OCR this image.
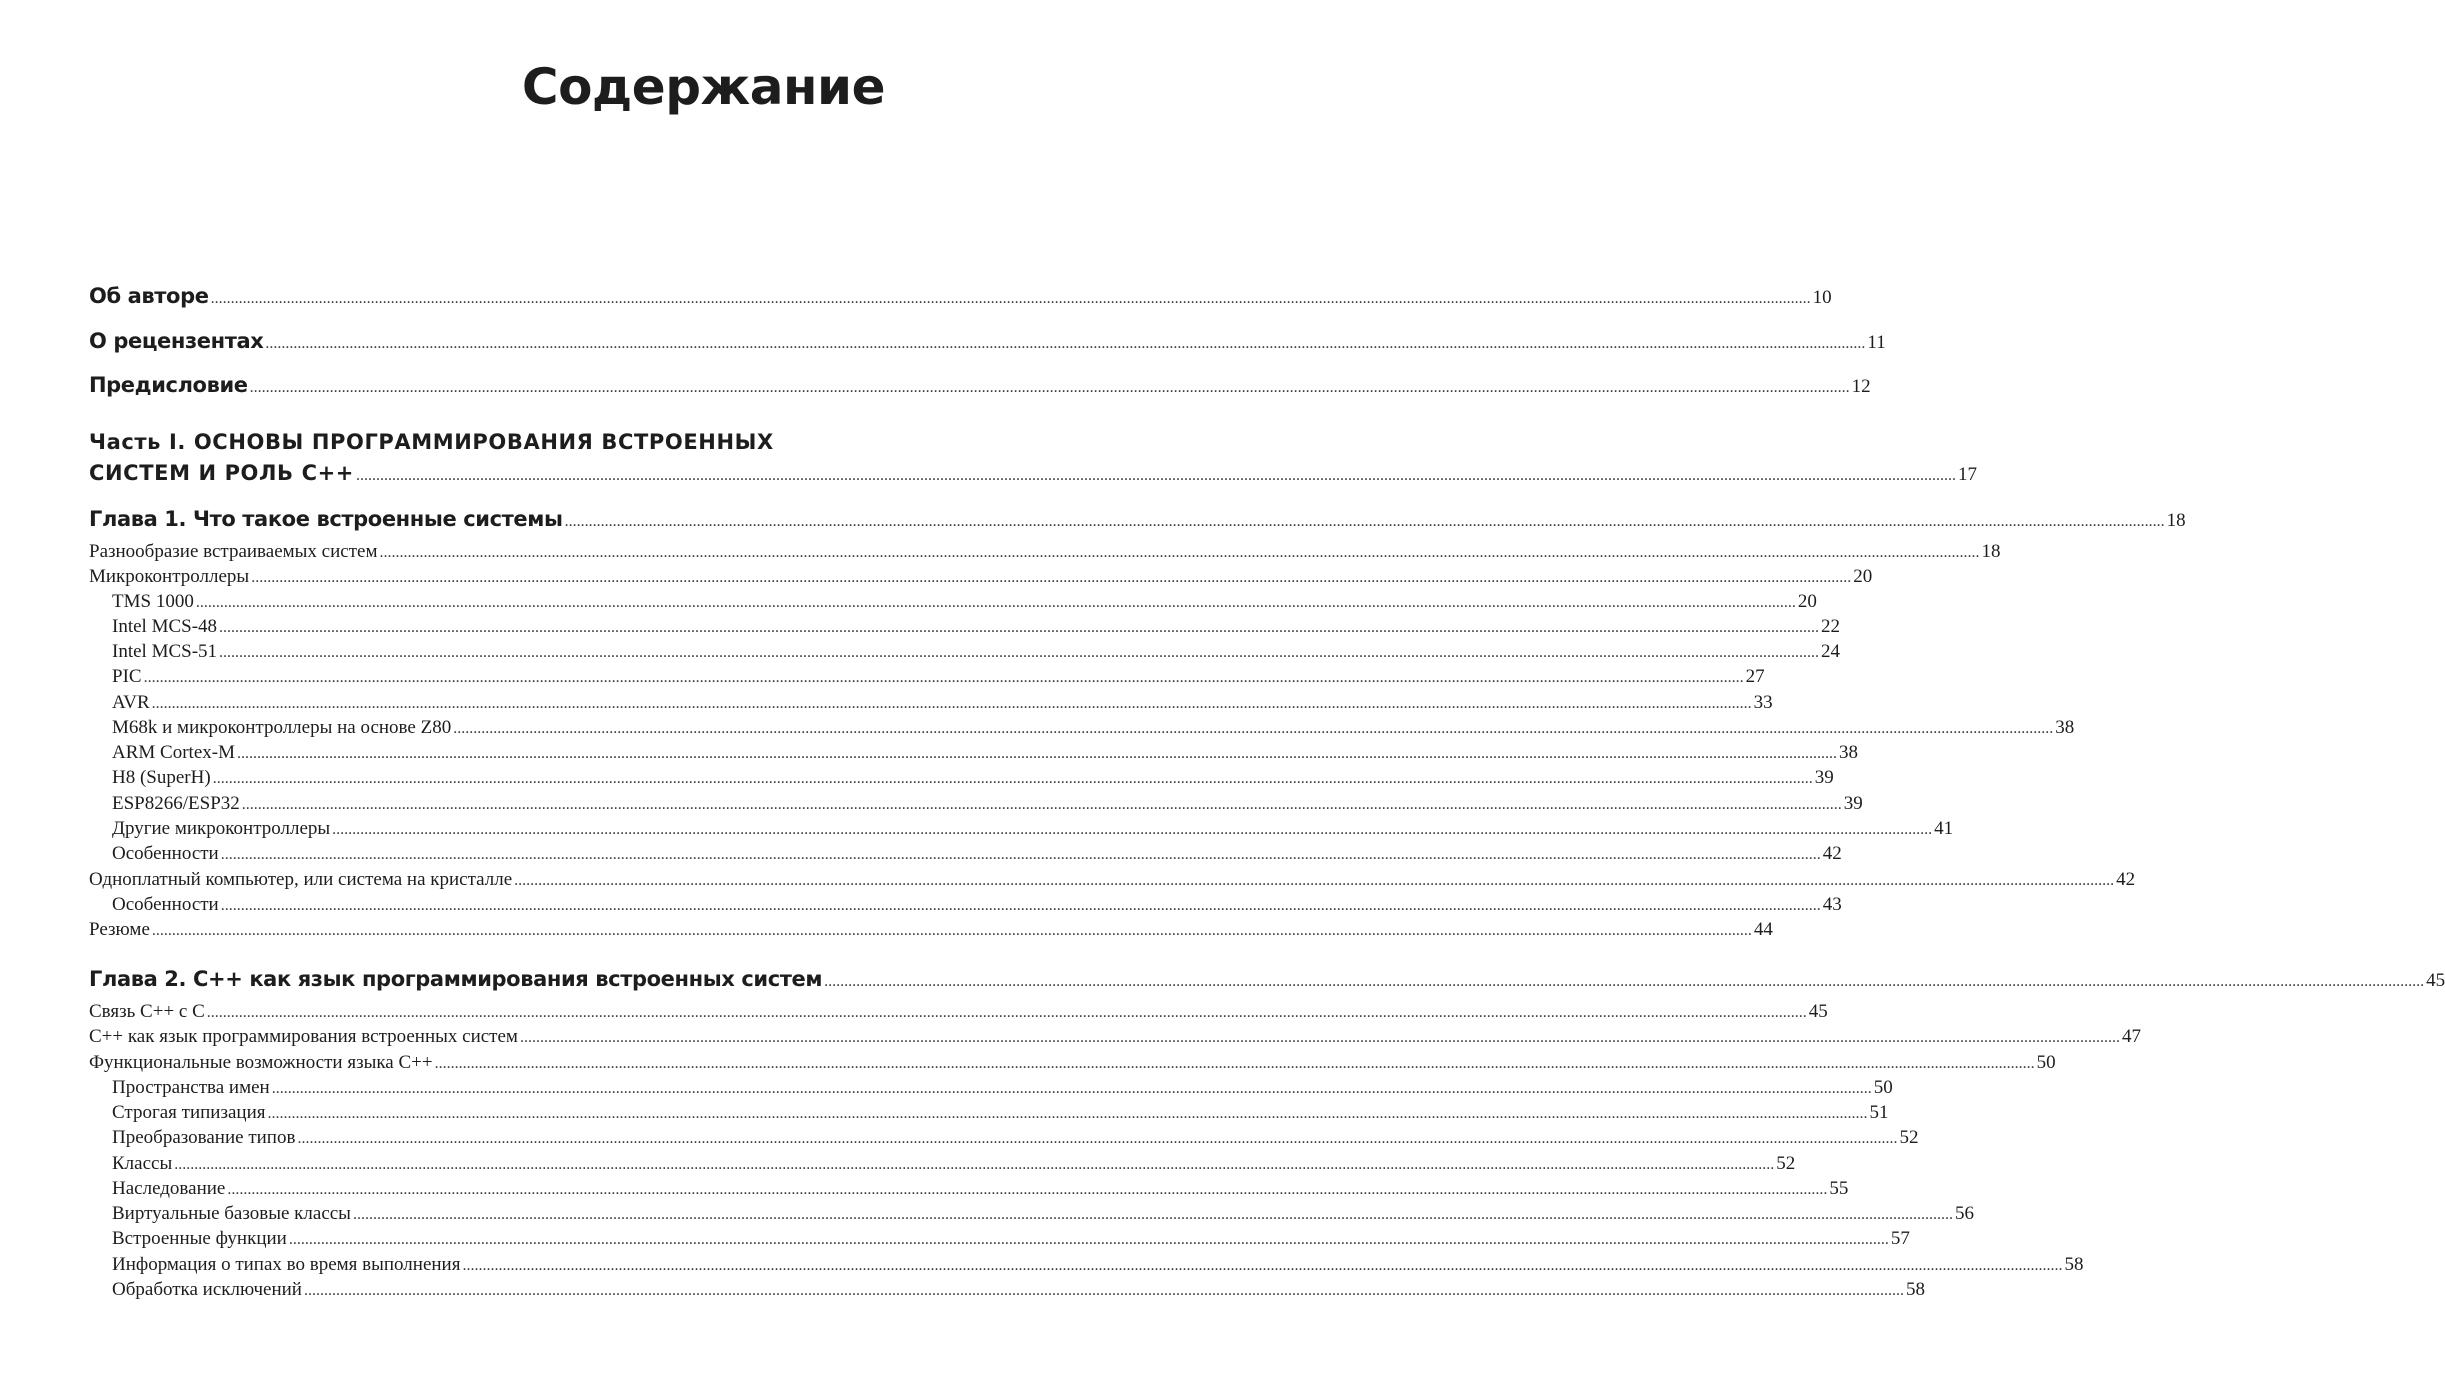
Содержание
Об авторе ................................................................................................................................................................................................................................................................................................................................................................................................................ 10
О рецензентах ................................................................................................................................................................................................................................................................................................................................................................................................................ 11
Предисловие ................................................................................................................................................................................................................................................................................................................................................................................................................ 12
Часть I. ОСНОВЫ ПРОГРАММИРОВАНИЯ ВСТРОЕННЫХ
СИСТЕМ И РОЛЬ C++ ................................................................................................................................................................................................................................................................................................................................................................................................................ 17
Глава 1. Что такое встроенные системы ................................................................................................................................................................................................................................................................................................................................................................................................................ 18
Разнообразие встраиваемых систем ................................................................................................................................................................................................................................................................................................................................................................................................................ 18
Микроконтроллеры ................................................................................................................................................................................................................................................................................................................................................................................................................ 20
TMS 1000 ................................................................................................................................................................................................................................................................................................................................................................................................................ 20
Intel MCS-48 ................................................................................................................................................................................................................................................................................................................................................................................................................ 22
Intel MCS-51 ................................................................................................................................................................................................................................................................................................................................................................................................................ 24
PIC ................................................................................................................................................................................................................................................................................................................................................................................................................ 27
AVR ................................................................................................................................................................................................................................................................................................................................................................................................................ 33
M68k и микроконтроллеры на основе Z80 ................................................................................................................................................................................................................................................................................................................................................................................................................ 38
ARM Cortex-M ................................................................................................................................................................................................................................................................................................................................................................................................................ 38
H8 (SuperH) ................................................................................................................................................................................................................................................................................................................................................................................................................ 39
ESP8266/ESP32 ................................................................................................................................................................................................................................................................................................................................................................................................................ 39
Другие микроконтроллеры ................................................................................................................................................................................................................................................................................................................................................................................................................ 41
Особенности ................................................................................................................................................................................................................................................................................................................................................................................................................ 42
Одноплатный компьютер, или система на кристалле ................................................................................................................................................................................................................................................................................................................................................................................................................ 42
Особенности ................................................................................................................................................................................................................................................................................................................................................................................................................ 43
Резюме ................................................................................................................................................................................................................................................................................................................................................................................................................ 44
Глава 2. C++ как язык программирования встроенных систем ................................................................................................................................................................................................................................................................................................................................................................................................................ 45
Связь C++ с C ................................................................................................................................................................................................................................................................................................................................................................................................................ 45
C++ как язык программирования встроенных систем ................................................................................................................................................................................................................................................................................................................................................................................................................ 47
Функциональные возможности языка C++ ................................................................................................................................................................................................................................................................................................................................................................................................................ 50
Пространства имен ................................................................................................................................................................................................................................................................................................................................................................................................................ 50
Строгая типизация ................................................................................................................................................................................................................................................................................................................................................................................................................ 51
Преобразование типов ................................................................................................................................................................................................................................................................................................................................................................................................................ 52
Классы ................................................................................................................................................................................................................................................................................................................................................................................................................ 52
Наследование ................................................................................................................................................................................................................................................................................................................................................................................................................ 55
Виртуальные базовые классы ................................................................................................................................................................................................................................................................................................................................................................................................................ 56
Встроенные функции ................................................................................................................................................................................................................................................................................................................................................................................................................ 57
Информация о типах во время выполнения ................................................................................................................................................................................................................................................................................................................................................................................................................ 58
Обработка исключений ................................................................................................................................................................................................................................................................................................................................................................................................................ 58
